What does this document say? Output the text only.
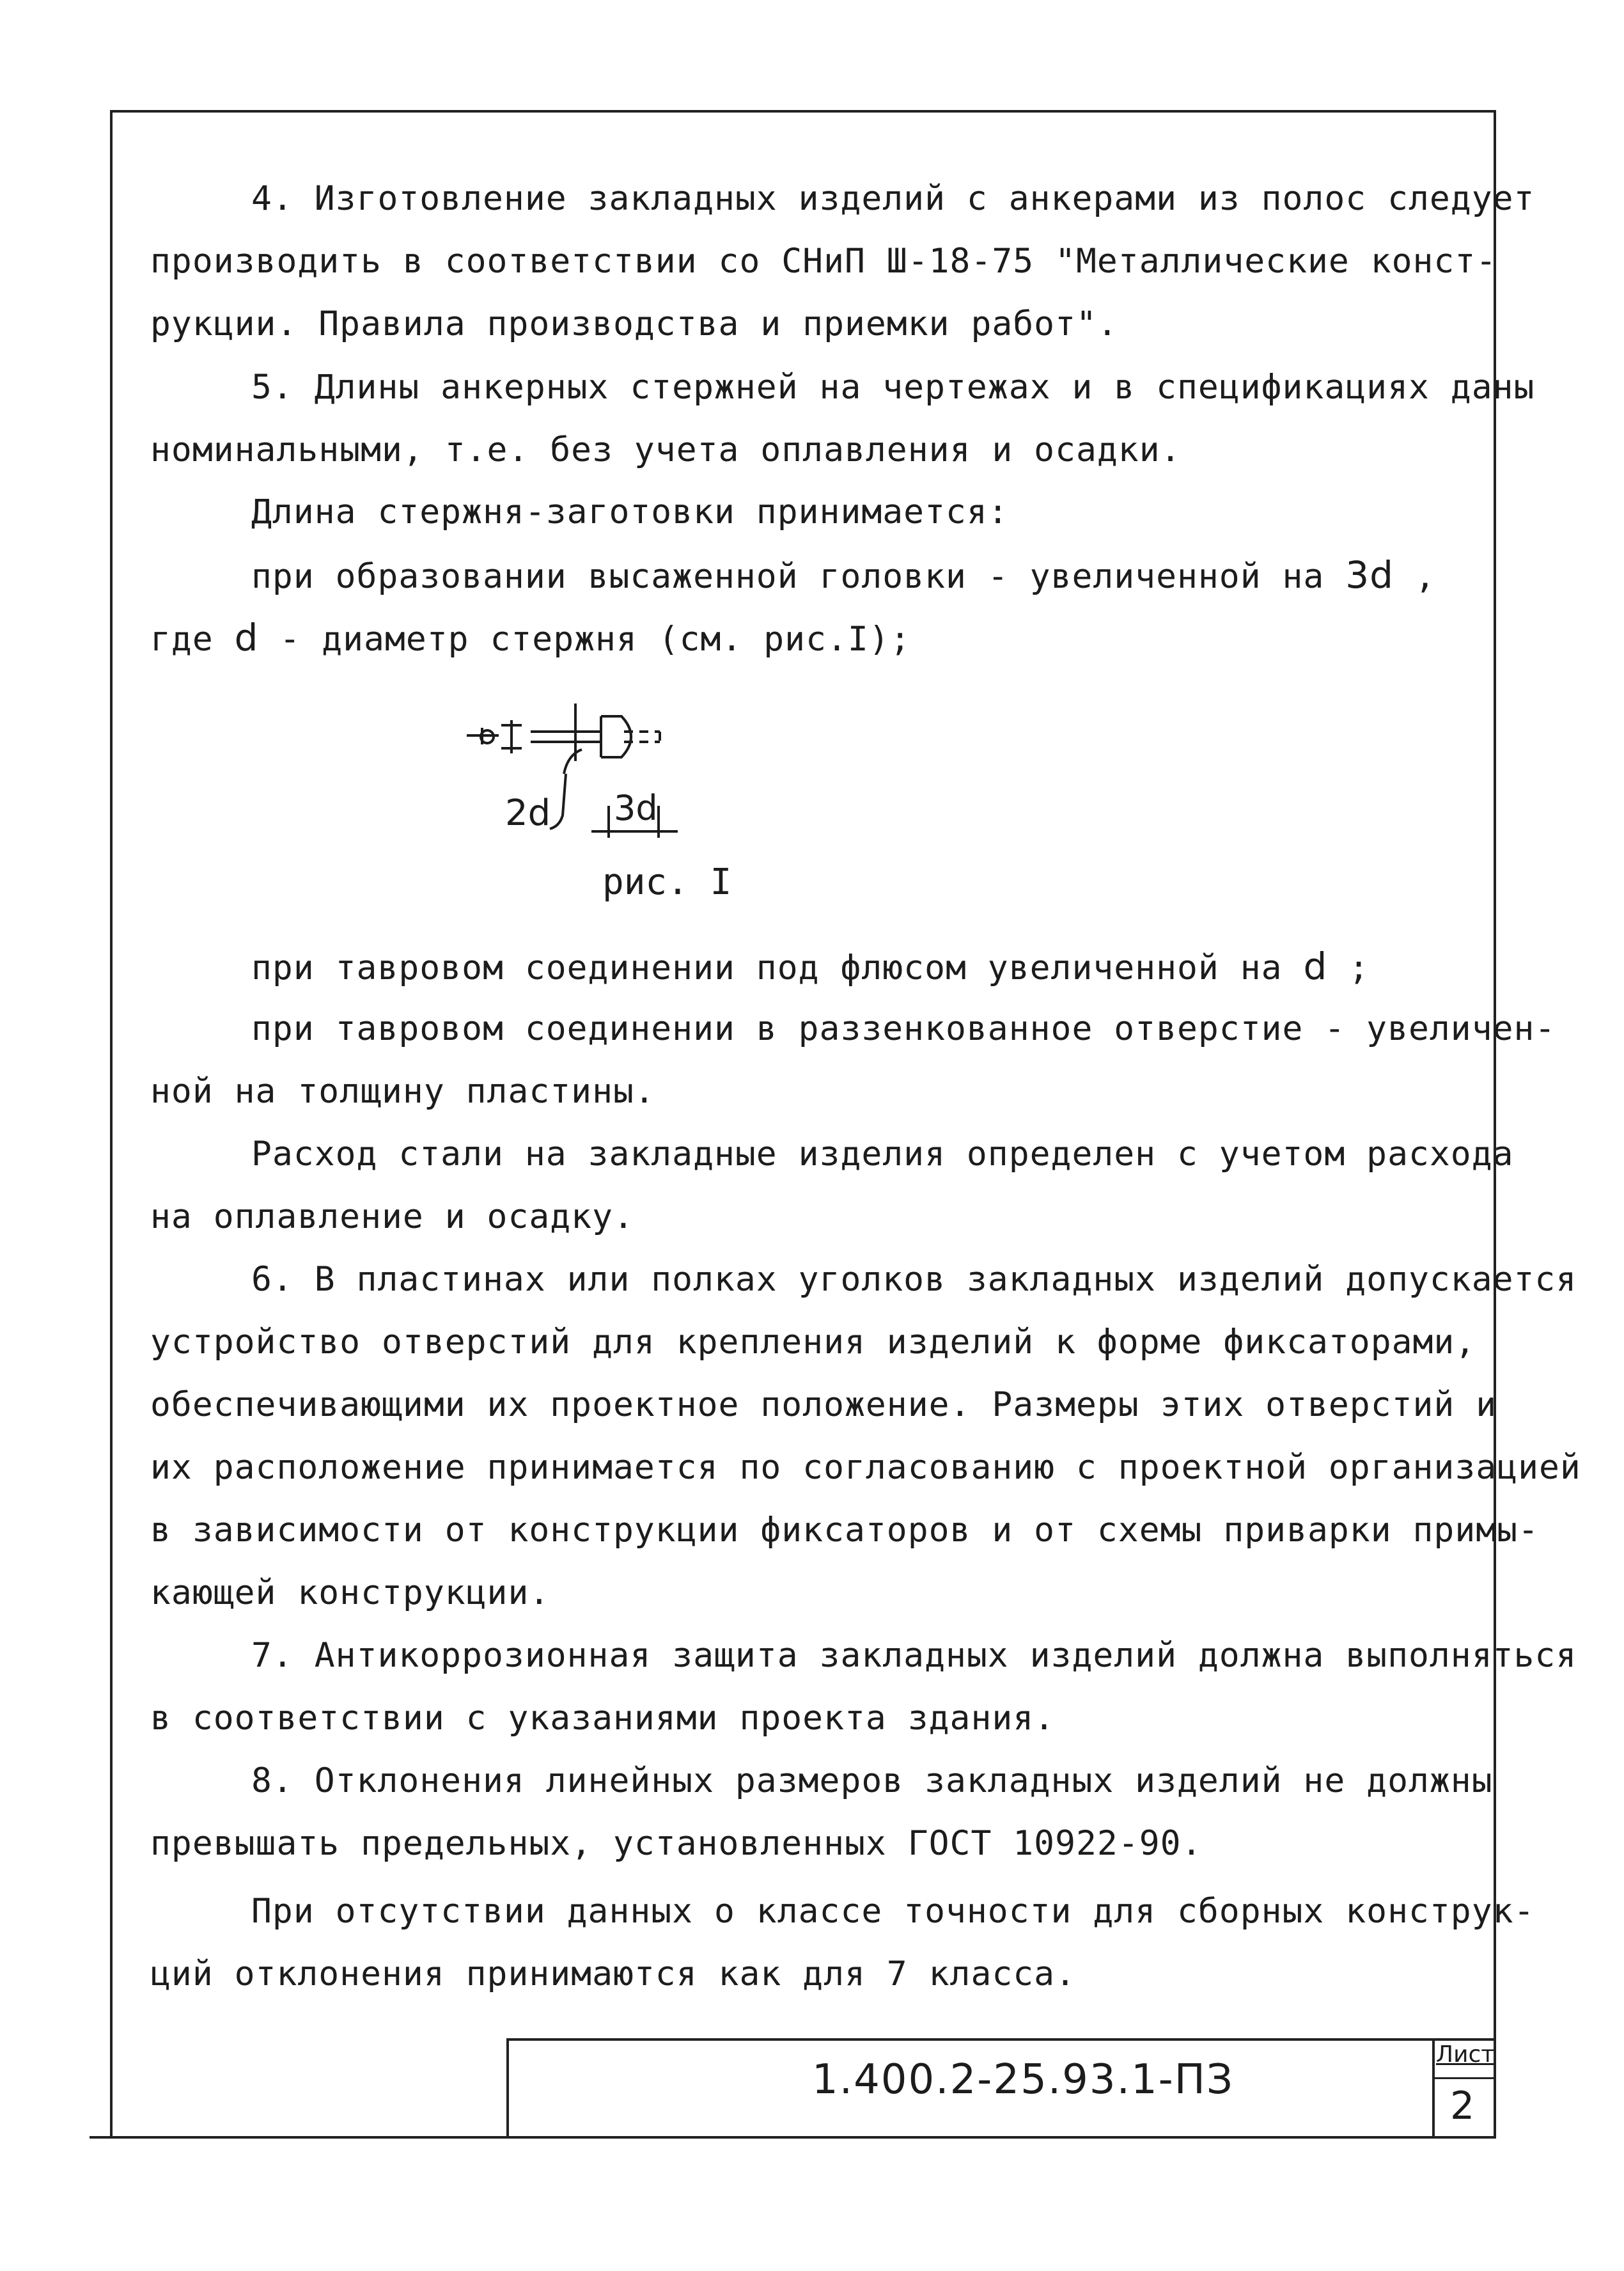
4. Изготовление закладных изделий с анкерами из полос следует
производить в соответствии со СНиП Ш-18-75 "Металлические конст-
рукции. Правила производства и приемки работ".
5. Длины анкерных стержней на чертежах и в спецификациях даны
номинальными, т.е. без учета оплавления и осадки.
Длина стержня-заготовки принимается:
при образовании высаженной головки - увеличенной на 3d ,
где d - диаметр стержня (см. рис.I);
2d 3d
рис. I
при тавровом соединении под флюсом увеличенной на d ;
при тавровом соединении в раззенкованное отверстие - увеличен-
ной на толщину пластины.
Расход стали на закладные изделия определен с учетом расхода
на оплавление и осадку.
6. В пластинах или полках уголков закладных изделий допускается
устройство отверстий для крепления изделий к форме фиксаторами,
обеспечивающими их проектное положение. Размеры этих отверстий и
их расположение принимается по согласованию с проектной организацией
в зависимости от конструкции фиксаторов и от схемы приварки примы-
кающей конструкции.
7. Антикоррозионная защита закладных изделий должна выполняться
в соответствии с указаниями проекта здания.
8. Отклонения линейных размеров закладных изделий не должны
превышать предельных, установленных ГОСТ 10922-90.
При отсутствии данных о классе точности для сборных конструк-
ций отклонения принимаются как для 7 класса.
1.400.2-25.93.1-ПЗ
Лист
2
